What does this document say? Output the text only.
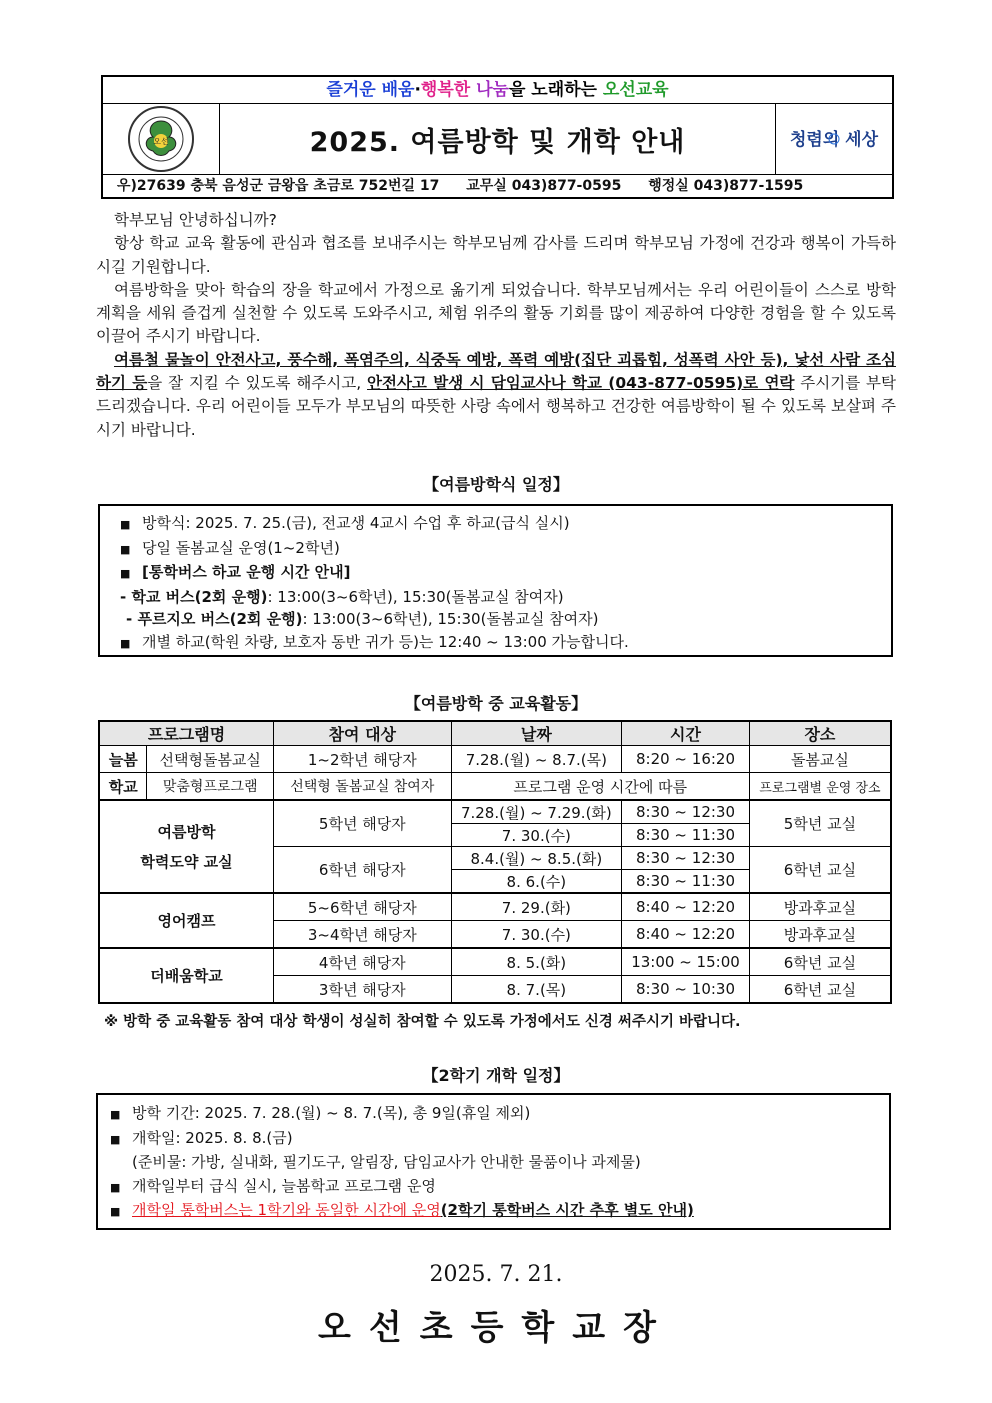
즐거운 배움·행복한 나눔을 노래하는 오선교육
오선	2025. 여름방학 및 개학 안내	청렴의 세상
우)27639 충북 음성군 금왕읍 초금로 752번길 17 교무실 043)877-0595 행정실 043)877-1595

학부모님 안녕하십니까?

항상 학교 교육 활동에 관심과 협조를 보내주시는 학부모님께 감사를 드리며 학부모님 가정에 건강과 행복이 가득하시길 기원합니다.

여름방학을 맞아 학습의 장을 학교에서 가정으로 옮기게 되었습니다. 학부모님께서는 우리 어린이들이 스스로 방학 계획을 세워 즐겁게 실천할 수 있도록 도와주시고, 체험 위주의 활동 기회를 많이 제공하여 다양한 경험을 할 수 있도록 이끌어 주시기 바랍니다.

여름철 물놀이 안전사고, 풍수해, 폭염주의, 식중독 예방, 폭력 예방(집단 괴롭힘, 성폭력 사안 등), 낯선 사람 조심하기 등을 잘 지킬 수 있도록 해주시고, 안전사고 발생 시 담임교사나 학교 (043-877-0595)로 연락 주시기를 부탁드리겠습니다. 우리 어린이들 모두가 부모님의 따뜻한 사랑 속에서 행복하고 건강한 여름방학이 될 수 있도록 보살펴 주시기 바랍니다.

【여름방학식 일정】
■ 방학식: 2025. 7. 25.(금), 전교생 4교시 수업 후 하교(급식 실시)
■ 당일 돌봄교실 운영(1~2학년)
■ [통학버스 하교 운행 시간 안내]
- 학교 버스(2회 운행): 13:00(3~6학년), 15:30(돌봄교실 참여자)
- 푸르지오 버스(2회 운행): 13:00(3~6학년), 15:30(돌봄교실 참여자)
■ 개별 하교(학원 차량, 보호자 동반 귀가 등)는 12:40 ~ 13:00 가능합니다.
【여름방학 중 교육활동】
프로그램명		참여 대상	날짜	시간	장소
늘봄	선택형돌봄교실	1~2학년 해당자	7.28.(월) ~ 8.7.(목)	8:20 ~ 16:20	돌봄교실
학교	맞춤형프로그램	선택형 돌봄교실 참여자	프로그램 운영 시간에 따름		프로그램별 운영 장소

여름방학
학력도약 교실		5학년 해당자	7.28.(월) ~ 7.29.(화)	8:30 ~ 12:30	5학년 교실
			7. 30.(수)	8:30 ~ 11:30	
		6학년 해당자	8.4.(월) ~ 8.5.(화)	8:30 ~ 12:30	6학년 교실
			8. 6.(수)	8:30 ~ 11:30	
영어캠프		5~6학년 해당자	7. 29.(화)	8:40 ~ 12:20	방과후교실
		3~4학년 해당자	7. 30.(수)	8:40 ~ 12:20	방과후교실
더배움학교		4학년 해당자	8. 5.(화)	13:00 ~ 15:00	6학년 교실
		3학년 해당자	8. 7.(목)	8:30 ~ 10:30	6학년 교실
※ 방학 중 교육활동 참여 대상 학생이 성실히 참여할 수 있도록 가정에서도 신경 써주시기 바랍니다.
【2학기 개학 일정】
■ 방학 기간: 2025. 7. 28.(월) ~ 8. 7.(목), 총 9일(휴일 제외)
■ 개학일: 2025. 8. 8.(금)
(준비물: 가방, 실내화, 필기도구, 알림장, 담임교사가 안내한 물품이나 과제물)
■ 개학일부터 급식 실시, 늘봄학교 프로그램 운영
■ 개학일 통학버스는 1학기와 동일한 시간에 운영(2학기 통학버스 시간 추후 별도 안내)
2025. 7. 21.
오선초등학교장
